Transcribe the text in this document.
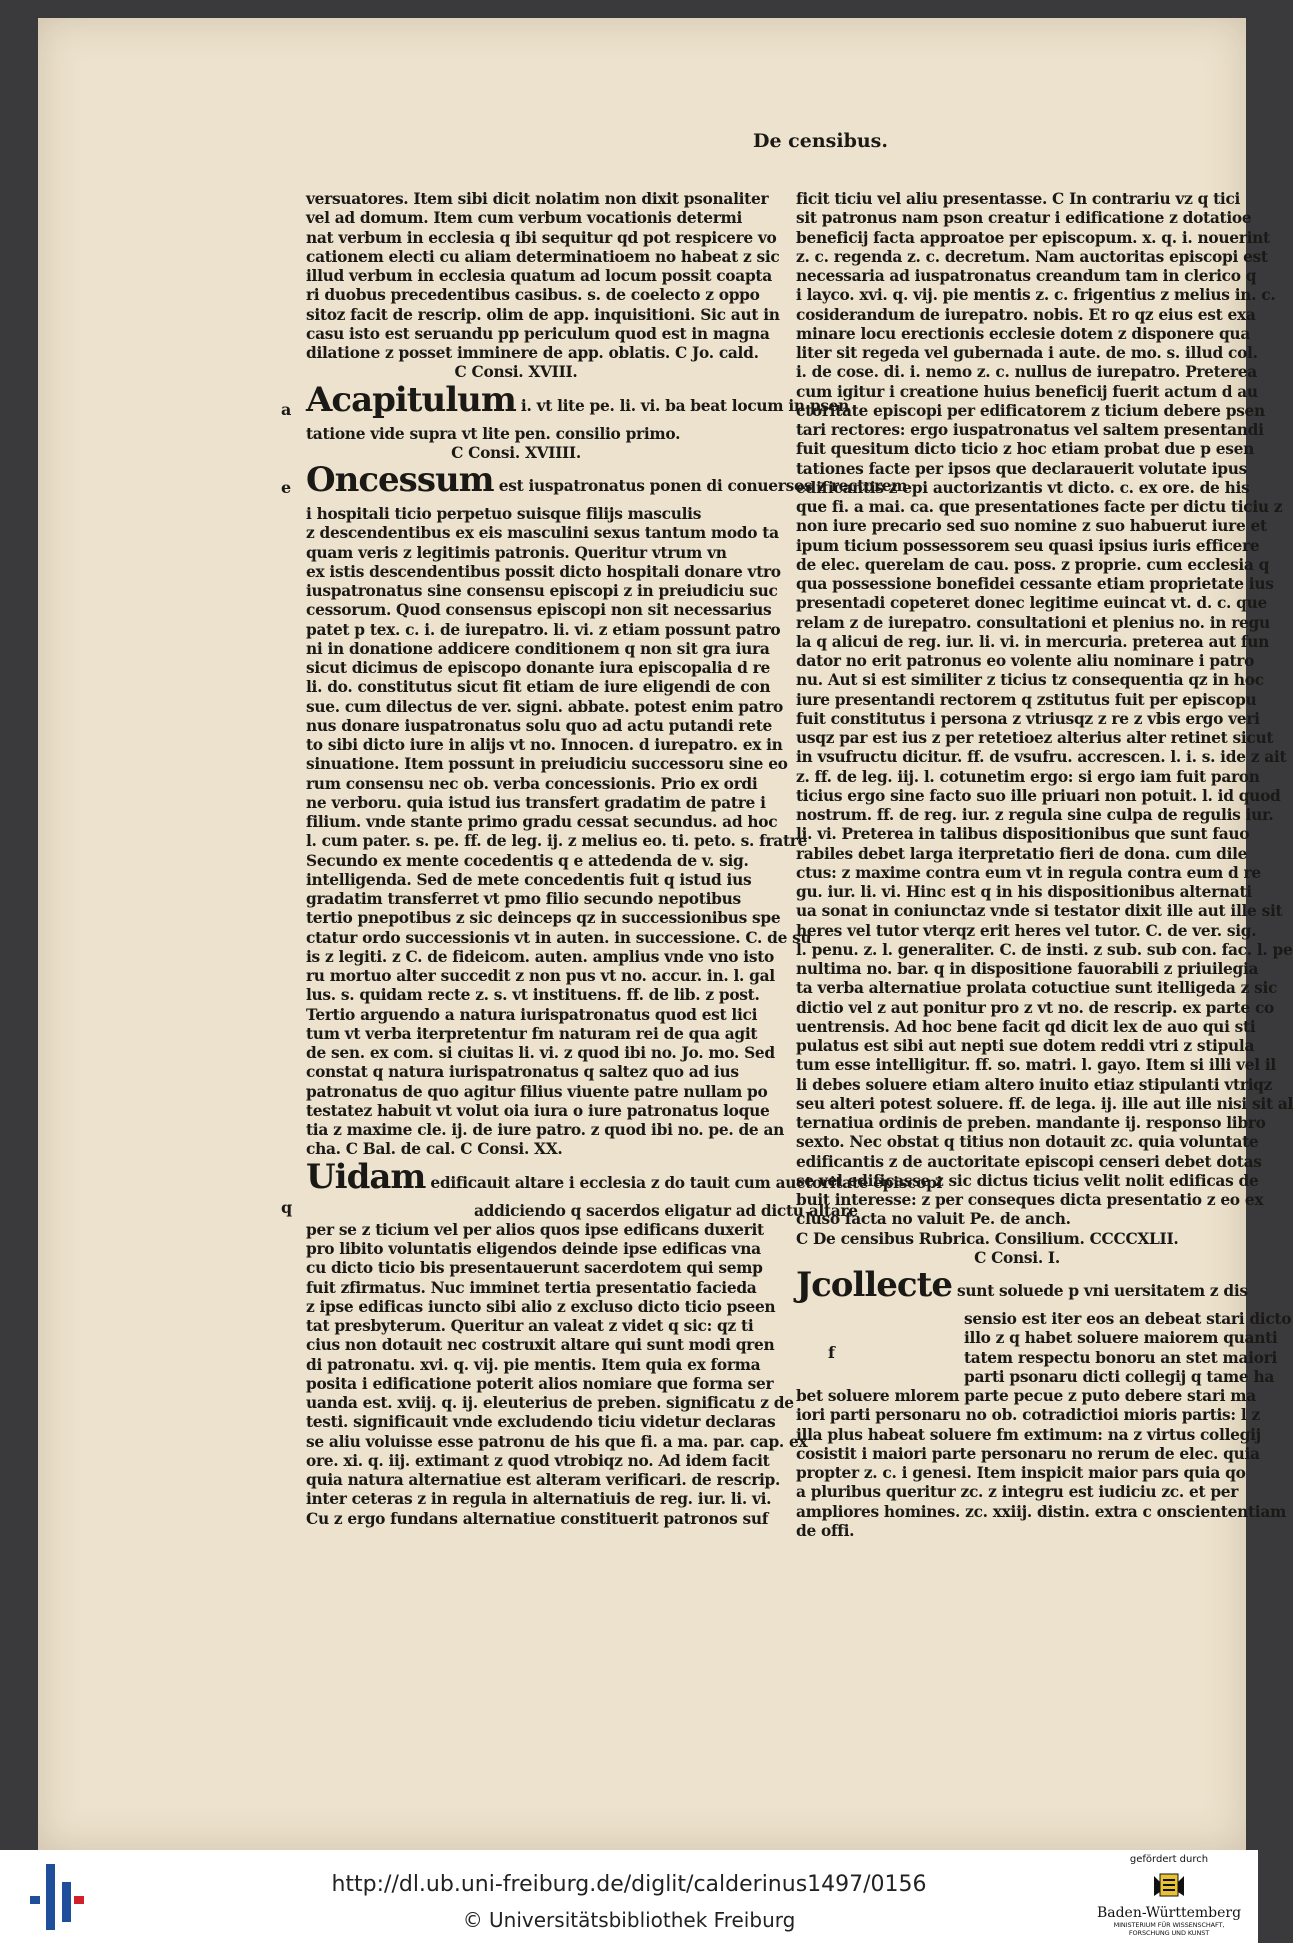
De censibus.
versuatores. Item sibi dicit nolatim non dixit psonaliter
vel ad domum. Item cum verbum vocationis determi
nat verbum in ecclesia q ibi sequitur qd pot respicere vo
cationem electi cu aliam determinatioem no habeat z sic
illud verbum in ecclesia quatum ad locum possit coapta
ri duobus precedentibus casibus. s. de coelecto z oppo
sitoz facit de rescrip. olim de app. inquisitioni. Sic aut in
casu isto est seruandu pp periculum quod est in magna
dilatione z posset imminere de app. oblatis. C Jo. cald.
C Consi. XVIII.
Acapitulum i. vt lite pe. li. vi. ba beat locum in psen
tatione vide supra vt lite pen. consilio primo.
C Consi. XVIIII.
Oncessum est iuspatronatus ponen di conuersos z rectorem
i hospitali ticio perpetuo suisque filijs masculis
z descendentibus ex eis masculini sexus tantum modo ta
quam veris z legitimis patronis. Queritur vtrum vn
ex istis descendentibus possit dicto hospitali donare vtro
iuspatronatus sine consensu episcopi z in preiudiciu suc
cessorum. Quod consensus episcopi non sit necessarius
patet p tex. c. i. de iurepatro. li. vi. z etiam possunt patro
ni in donatione addicere conditionem q non sit gra iura
sicut dicimus de episcopo donante iura episcopalia d re
li. do. constitutus sicut fit etiam de iure eligendi de con
sue. cum dilectus de ver. signi. abbate. potest enim patro
nus donare iuspatronatus solu quo ad actu putandi rete
to sibi dicto iure in alijs vt no. Innocen. d iurepatro. ex in
sinuatione. Item possunt in preiudiciu successoru sine eo
rum consensu nec ob. verba concessionis. Prio ex ordi
ne verboru. quia istud ius transfert gradatim de patre i
filium. vnde stante primo gradu cessat secundus. ad hoc
l. cum pater. s. pe. ff. de leg. ij. z melius eo. ti. peto. s. fratre
Secundo ex mente cocedentis q e attedenda de v. sig.
intelligenda. Sed de mete concedentis fuit q istud ius
gradatim transferret vt pmo filio secundo nepotibus
tertio pnepotibus z sic deinceps qz in successionibus spe
ctatur ordo successionis vt in auten. in successione. C. de su
is z legiti. z C. de fideicom. auten. amplius vnde vno isto
ru mortuo alter succedit z non pus vt no. accur. in. l. gal
lus. s. quidam recte z. s. vt instituens. ff. de lib. z post.
Tertio arguendo a natura iurispatronatus quod est lici
tum vt verba iterpretentur fm naturam rei de qua agit
de sen. ex com. si ciuitas li. vi. z quod ibi no. Jo. mo. Sed
constat q natura iurispatronatus q saltez quo ad ius
patronatus de quo agitur filius viuente patre nullam po
testatez habuit vt volut oia iura o iure patronatus loque
tia z maxime cle. ij. de iure patro. z quod ibi no. pe. de an
cha. C Bal. de cal. C Consi. XX.
Uidam edificauit altare i ecclesia z do tauit cum auctoritate episcopi
addiciendo q sacerdos eligatur ad dictu altare
per se z ticium vel per alios quos ipse edificans duxerit
pro libito voluntatis eligendos deinde ipse edificas vna
cu dicto ticio bis presentauerunt sacerdotem qui semp
fuit zfirmatus. Nuc imminet tertia presentatio facieda
z ipse edificas iuncto sibi alio z excluso dicto ticio pseen
tat presbyterum. Queritur an valeat z videt q sic: qz ti
cius non dotauit nec costruxit altare qui sunt modi qren
di patronatu. xvi. q. vij. pie mentis. Item quia ex forma
posita i edificatione poterit alios nomiare que forma ser
uanda est. xviij. q. ij. eleuterius de preben. significatu z de
testi. significauit vnde excludendo ticiu videtur declaras
se aliu voluisse esse patronu de his que fi. a ma. par. cap. ex
ore. xi. q. iij. extimant z quod vtrobiqz no. Ad idem facit
quia natura alternatiue est alteram verificari. de rescrip.
inter ceteras z in regula in alternatiuis de reg. iur. li. vi.
Cu z ergo fundans alternatiue constituerit patronos suf
ficit ticiu vel aliu presentasse. C In contrariu vz q tici
sit patronus nam pson creatur i edificatione z dotatioe
beneficij facta approatoe per episcopum. x. q. i. nouerint
z. c. regenda z. c. decretum. Nam auctoritas episcopi est
necessaria ad iuspatronatus creandum tam in clerico q
i layco. xvi. q. vij. pie mentis z. c. frigentius z melius in. c.
cosiderandum de iurepatro. nobis. Et ro qz eius est exa
minare locu erectionis ecclesie dotem z disponere qua
liter sit regeda vel gubernada i aute. de mo. s. illud col.
i. de cose. di. i. nemo z. c. nullus de iurepatro. Preterea
cum igitur i creatione huius beneficij fuerit actum d au
ctoritate episcopi per edificatorem z ticium debere psen
tari rectores: ergo iuspatronatus vel saltem presentandi
fuit quesitum dicto ticio z hoc etiam probat due p esen
tationes facte per ipsos que declarauerit volutate ipus
edificantis z epi auctorizantis vt dicto. c. ex ore. de his
que fi. a mai. ca. que presentationes facte per dictu ticiu z
non iure precario sed suo nomine z suo habuerut iure et
ipum ticium possessorem seu quasi ipsius iuris efficere
de elec. querelam de cau. poss. z proprie. cum ecclesia q
qua possessione bonefidei cessante etiam proprietate ius
presentadi copeteret donec legitime euincat vt. d. c. que
relam z de iurepatro. consultationi et plenius no. in regu
la q alicui de reg. iur. li. vi. in mercuria. preterea aut fun
dator no erit patronus eo volente aliu nominare i patro
nu. Aut si est similiter z ticius tz consequentia qz in hoc
iure presentandi rectorem q zstitutus fuit per episcopu
fuit constitutus i persona z vtriusqz z re z vbis ergo veri
usqz par est ius z per retetioez alterius alter retinet sicut
in vsufructu dicitur. ff. de vsufru. accrescen. l. i. s. ide z ait
z. ff. de leg. iij. l. cotunetim ergo: si ergo iam fuit paron
ticius ergo sine facto suo ille priuari non potuit. l. id quod
nostrum. ff. de reg. iur. z regula sine culpa de regulis iur.
li. vi. Preterea in talibus dispositionibus que sunt fauo
rabiles debet larga iterpretatio fieri de dona. cum dile
ctus: z maxime contra eum vt in regula contra eum d re
gu. iur. li. vi. Hinc est q in his dispositionibus alternati
ua sonat in coniunctaz vnde si testator dixit ille aut ille sit
heres vel tutor vterqz erit heres vel tutor. C. de ver. sig.
l. penu. z. l. generaliter. C. de insti. z sub. sub con. fac. l. pe
nultima no. bar. q in dispositione fauorabili z priuilegia
ta verba alternatiue prolata cotuctiue sunt itelligeda z sic
dictio vel z aut ponitur pro z vt no. de rescrip. ex parte co
uentrensis. Ad hoc bene facit qd dicit lex de auo qui sti
pulatus est sibi aut nepti sue dotem reddi vtri z stipula
tum esse intelligitur. ff. so. matri. l. gayo. Item si illi vel il
li debes soluere etiam altero inuito etiaz stipulanti vtriqz
seu alteri potest soluere. ff. de lega. ij. ille aut ille nisi sit al
ternatiua ordinis de preben. mandante ij. responso libro
sexto. Nec obstat q titius non dotauit zc. quia voluntate
edificantis z de auctoritate episcopi censeri debet dotas
se vel edificasse z sic dictus ticius velit nolit edificas de
buit interesse: z per conseques dicta presentatio z eo ex
cluso facta no valuit Pe. de anch.
C De censibus Rubrica. Consilium. CCCCXLII.
C Consi. I.
Jcollecte sunt soluede p vni uersitatem z dis
sensio est iter eos an debeat stari dicto
illo z q habet soluere maiorem quanti
tatem respectu bonoru an stet maiori
parti psonaru dicti collegij q tame ha
bet soluere mlorem parte pecue z puto debere stari ma
iori parti personaru no ob. cotradictioi mioris partis: l z
illa plus habeat soluere fm extimum: na z virtus collegij
cosistit i maiori parte personaru no rerum de elec. quia
propter z. c. i genesi. Item inspicit maior pars quia qo
a pluribus queritur zc. z integru est iudiciu zc. et per
ampliores homines. zc. xxiij. distin. extra c onsciententiam
de offi.
a
e
q
f
http://dl.ub.uni-freiburg.de/diglit/calderinus1497/0156
© Universitätsbibliothek Freiburg
gefördert durch
Baden-Württemberg
MINISTERIUM FÜR WISSENSCHAFT, FORSCHUNG UND KUNST
